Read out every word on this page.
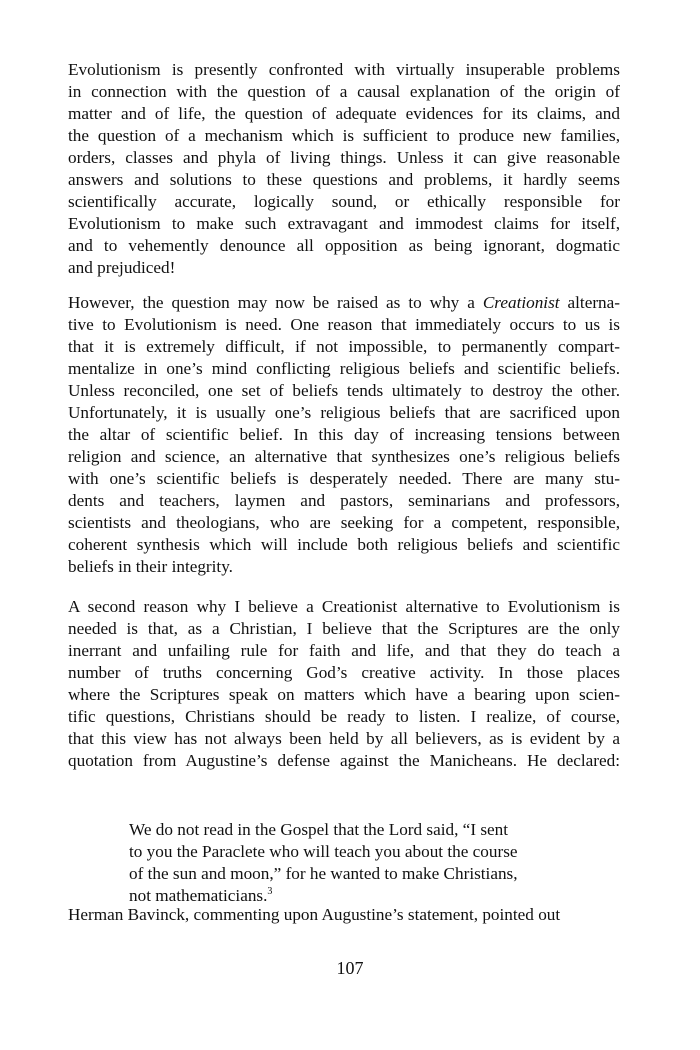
Evolutionism is presently confronted with virtually insuperable problems
in connection with the question of a causal explanation of the origin of
matter and of life, the question of adequate evidences for its claims, and
the question of a mechanism which is sufficient to produce new families,
orders, classes and phyla of living things. Unless it can give reasonable
answers and solutions to these questions and problems, it hardly seems
scientifically accurate, logically sound, or ethically responsible for
Evolutionism to make such extravagant and immodest claims for itself,
and to vehemently denounce all opposition as being ignorant, dogmatic
and prejudiced!
However, the question may now be raised as to why a Creationist alterna-
tive to Evolutionism is need. One reason that immediately occurs to us is
that it is extremely difficult, if not impossible, to permanently compart-
mentalize in one’s mind conflicting religious beliefs and scientific beliefs.
Unless reconciled, one set of beliefs tends ultimately to destroy the other.
Unfortunately, it is usually one’s religious beliefs that are sacrificed upon
the altar of scientific belief. In this day of increasing tensions between
religion and science, an alternative that synthesizes one’s religious beliefs
with one’s scientific beliefs is desperately needed. There are many stu-
dents and teachers, laymen and pastors, seminarians and professors,
scientists and theologians, who are seeking for a competent, responsible,
coherent synthesis which will include both religious beliefs and scientific
beliefs in their integrity.
A second reason why I believe a Creationist alternative to Evolutionism is
needed is that, as a Christian, I believe that the Scriptures are the only
inerrant and unfailing rule for faith and life, and that they do teach a
number of truths concerning God’s creative activity. In those places
where the Scriptures speak on matters which have a bearing upon scien-
tific questions, Christians should be ready to listen. I realize, of course,
that this view has not always been held by all believers, as is evident by a
quotation from Augustine’s defense against the Manicheans. He declared:
We do not read in the Gospel that the Lord said, “I sent
to you the Paraclete who will teach you about the course
of the sun and moon,” for he wanted to make Christians,
not mathematicians.$^3$
Herman Bavinck, commenting upon Augustine’s statement, pointed out
107
